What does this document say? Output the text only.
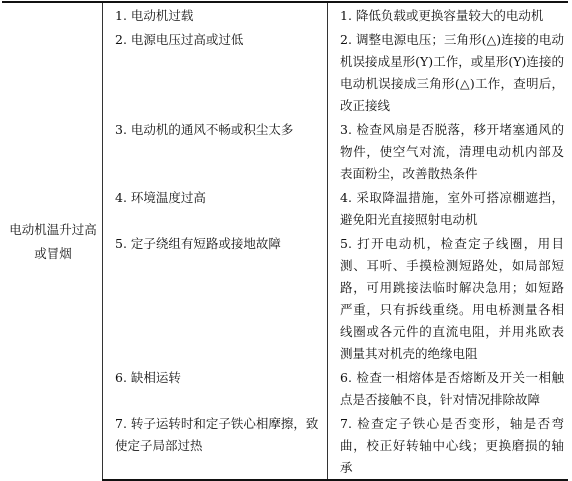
电动机温升过高或冒烟	1. 电动机过载	1. 降低负载或更换容量较大的电动机
	2. 电源电压过高或过低	2. 调整电源电压；三角形(△)连接的电动机误接成星形(Y)工作，或星形(Y)连接的电动机误接成三角形(△)工作，查明后，改正接线
	3. 电动机的通风不畅或积尘太多	3. 检查风扇是否脱落，移开堵塞通风的物件，使空气对流，清理电动机内部及表面粉尘，改善散热条件
	4. 环境温度过高	4. 采取降温措施，室外可搭凉棚遮挡，避免阳光直接照射电动机
	5. 定子绕组有短路或接地故障	5. 打开电动机，检查定子线圈，用目测、耳听、手摸检测短路处，如局部短路，可用跳接法临时解决急用；如短路严重，只有拆线重绕。用电桥测量各相线圈或各元件的直流电阻，并用兆欧表测量其对机壳的绝缘电阻
	6. 缺相运转	6. 检查一相熔体是否熔断及开关一相触点是否接触不良，针对情况排除故障
	7. 转子运转时和定子铁心相摩擦，致使定子局部过热	7. 检查定子铁心是否变形，轴是否弯曲，校正好转轴中心线；更换磨损的轴承
